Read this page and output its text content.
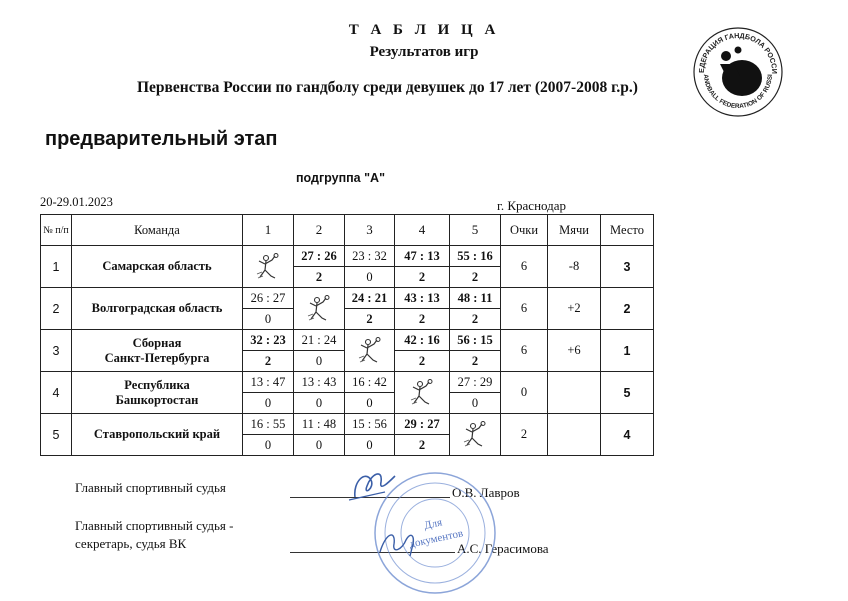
Т А Б Л И Ц А
Результатов игр
Первенства России по гандболу среди девушек до 17 лет (2007-2008 г.р.)
ЕДЕРАЦИЯ ГАНДБОЛА РОССИ
ANDBALL FEDERATION OF RUSSI
предварительный этап
подгруппа "А"
20-29.01.2023	г. Краснодар
№ п/п	Команда	1	2	3	4	5	Очки	Мячи	Место
1	Самарская область		27 : 26	23 : 32	47 : 13	55 : 16	6	-8	3
			2	0	2	2			
2	Волгоградская область	26 : 27		24 : 21	43 : 13	48 : 11	6	+2	2
		0		2	2	2			
3	Сборная
Санкт-Петербурга	32 : 23	21 : 24		42 : 16	56 : 15	6	+6	1
		2	0		2	2			
4	Республика
Башкортостан	13 : 47	13 : 43	16 : 42		27 : 29	0		5
		0	0	0		0			
5	Ставропольский край	16 : 55	11 : 48	15 : 56	29 : 27		2		4
		0	0	0	2				
Главный спортивный судья	О.В. Лавров
Главный спортивный судья -
секретарь, судья ВК	А.С. Герасимова
Для
документов
